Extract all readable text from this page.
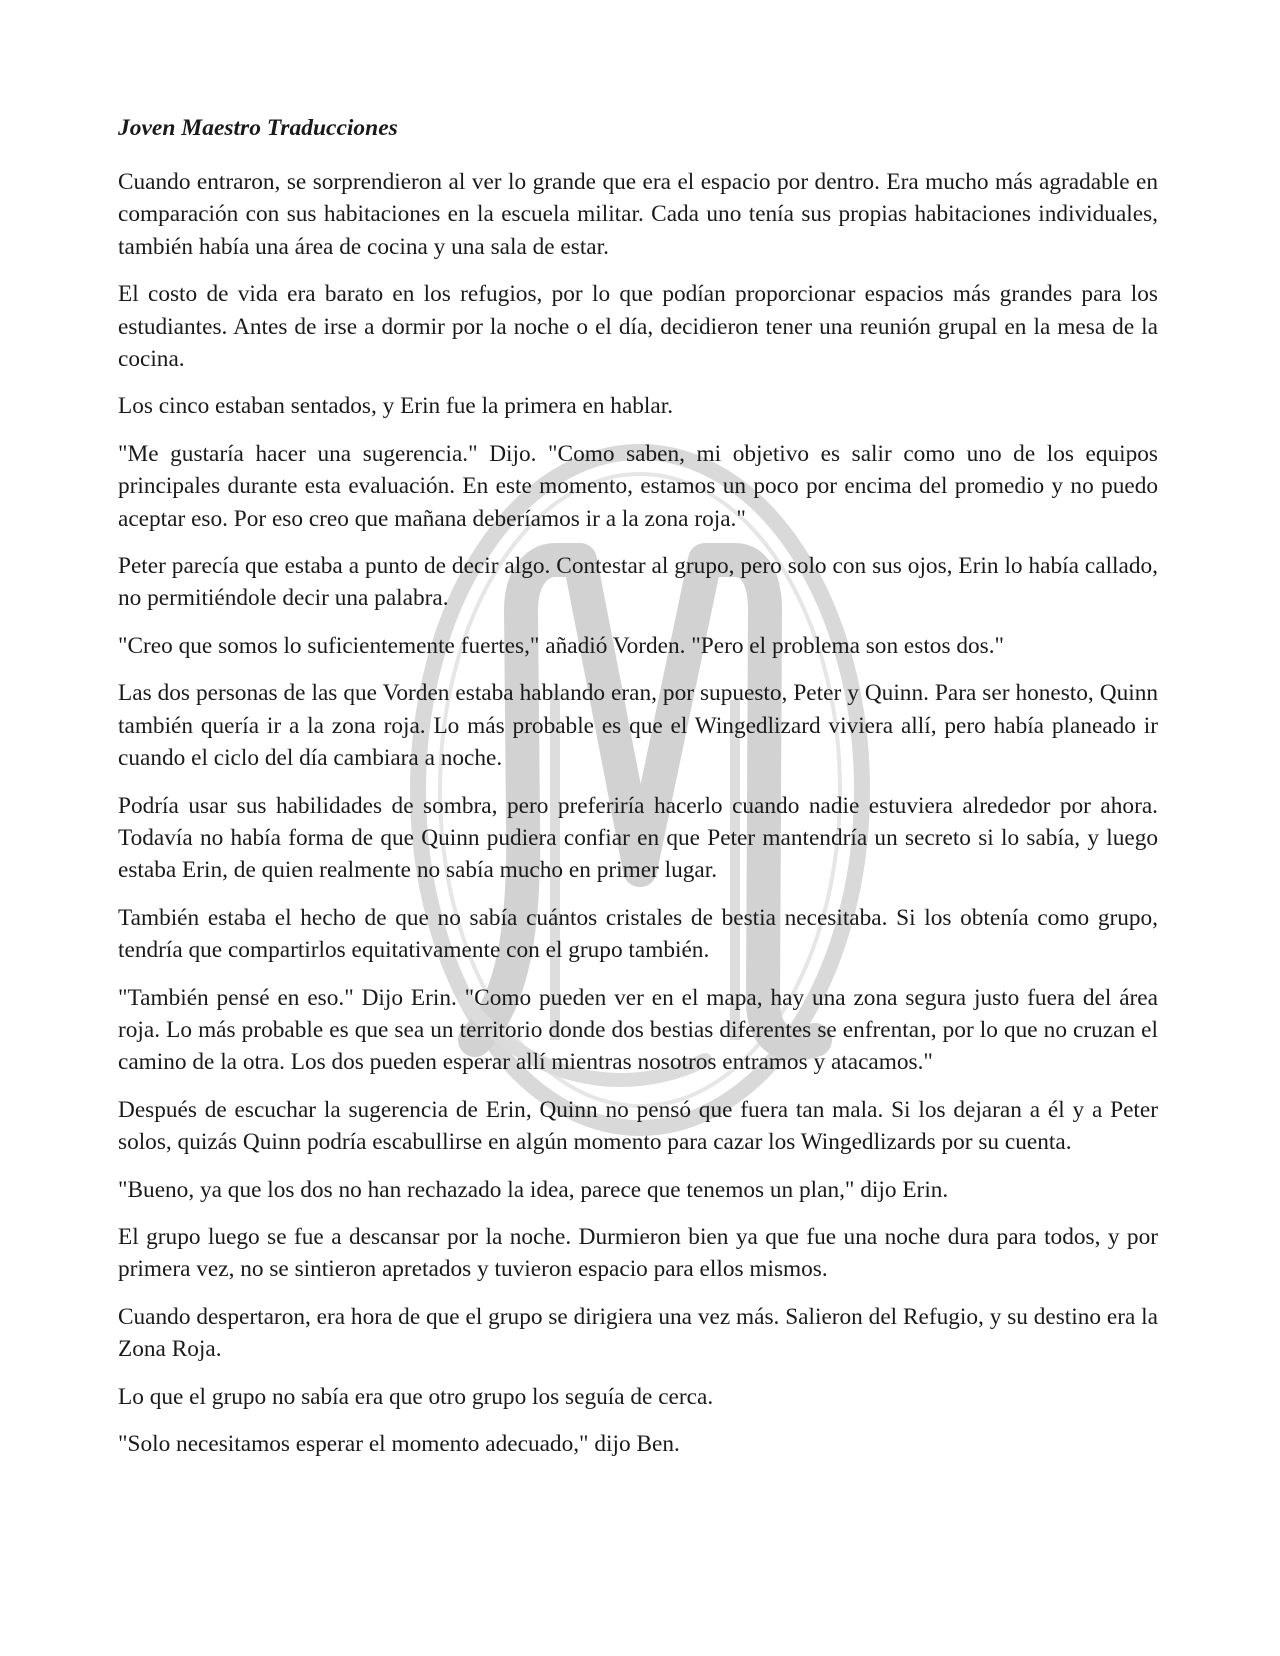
Joven Maestro Traducciones

Cuando entraron, se sorprendieron al ver lo grande que era el espacio por dentro. Era mucho más agradable en comparación con sus habitaciones en la escuela militar. Cada uno tenía sus propias habitaciones individuales, también había una área de cocina y una sala de estar.

El costo de vida era barato en los refugios, por lo que podían proporcionar espacios más grandes para los estudiantes. Antes de irse a dormir por la noche o el día, decidieron tener una reunión grupal en la mesa de la cocina.

Los cinco estaban sentados, y Erin fue la primera en hablar.

"Me gustaría hacer una sugerencia." Dijo. "Como saben, mi objetivo es salir como uno de los equipos principales durante esta evaluación. En este momento, estamos un poco por encima del promedio y no puedo aceptar eso. Por eso creo que mañana deberíamos ir a la zona roja."

Peter parecía que estaba a punto de decir algo. Contestar al grupo, pero solo con sus ojos, Erin lo había callado, no permitiéndole decir una palabra.

"Creo que somos lo suficientemente fuertes," añadió Vorden. "Pero el problema son estos dos."

Las dos personas de las que Vorden estaba hablando eran, por supuesto, Peter y Quinn. Para ser honesto, Quinn también quería ir a la zona roja. Lo más probable es que el Wingedlizard viviera allí, pero había planeado ir cuando el ciclo del día cambiara a noche.

Podría usar sus habilidades de sombra, pero preferiría hacerlo cuando nadie estuviera alrededor por ahora. Todavía no había forma de que Quinn pudiera confiar en que Peter mantendría un secreto si lo sabía, y luego estaba Erin, de quien realmente no sabía mucho en primer lugar.

También estaba el hecho de que no sabía cuántos cristales de bestia necesitaba. Si los obtenía como grupo, tendría que compartirlos equitativamente con el grupo también.

"También pensé en eso." Dijo Erin. "Como pueden ver en el mapa, hay una zona segura justo fuera del área roja. Lo más probable es que sea un territorio donde dos bestias diferentes se enfrentan, por lo que no cruzan el camino de la otra. Los dos pueden esperar allí mientras nosotros entramos y atacamos."

Después de escuchar la sugerencia de Erin, Quinn no pensó que fuera tan mala. Si los dejaran a él y a Peter solos, quizás Quinn podría escabullirse en algún momento para cazar los Wingedlizards por su cuenta.

"Bueno, ya que los dos no han rechazado la idea, parece que tenemos un plan," dijo Erin.

El grupo luego se fue a descansar por la noche. Durmieron bien ya que fue una noche dura para todos, y por primera vez, no se sintieron apretados y tuvieron espacio para ellos mismos.

Cuando despertaron, era hora de que el grupo se dirigiera una vez más. Salieron del Refugio, y su destino era la Zona Roja.

Lo que el grupo no sabía era que otro grupo los seguía de cerca.

"Solo necesitamos esperar el momento adecuado," dijo Ben.
